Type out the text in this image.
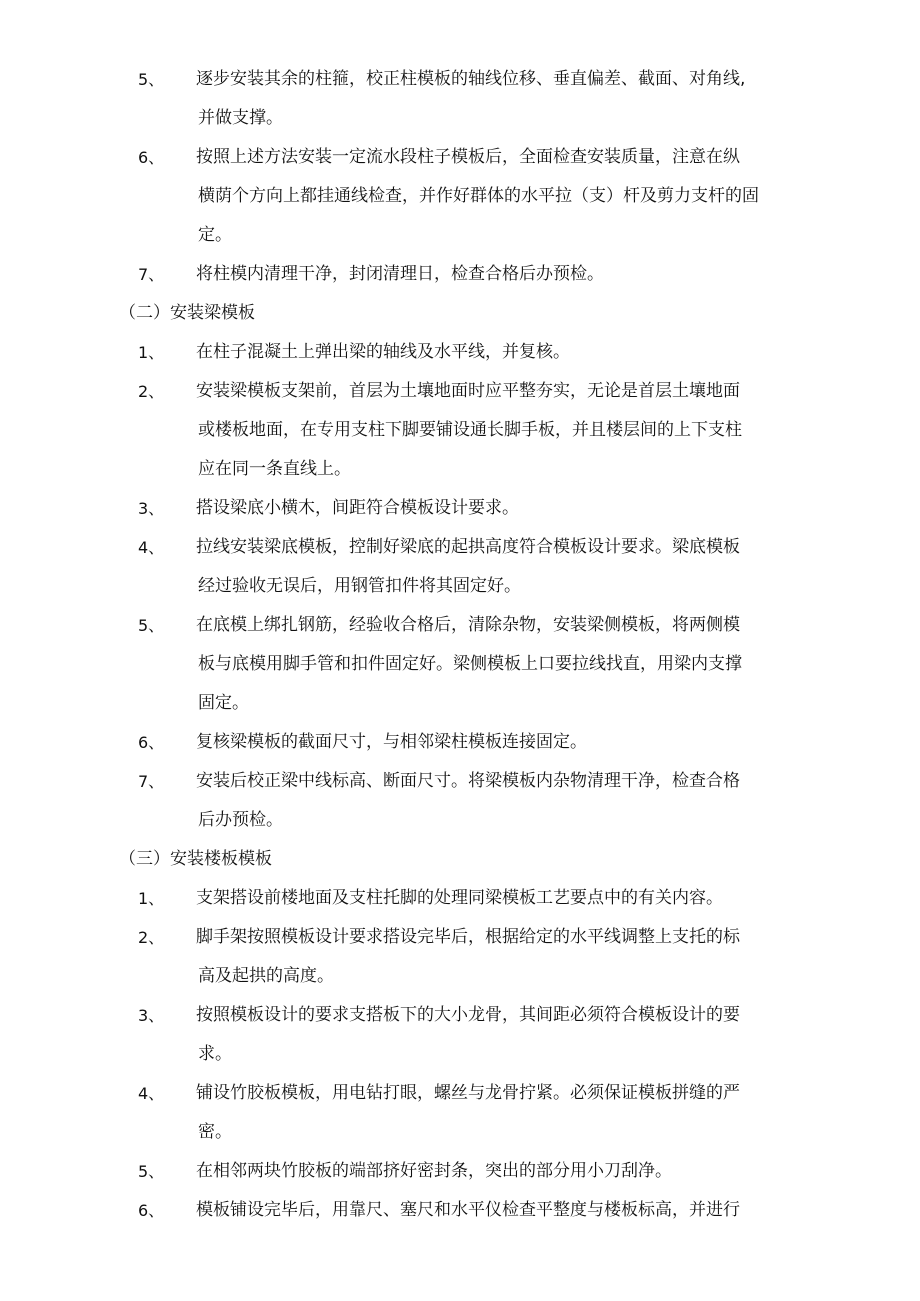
5、 逐步安装其余的柱箍，校正柱模板的轴线位移、垂直偏差、截面、对角线,
并做支撑。
6、 按照上述方法安装一定流水段柱子模板后，全面检查安装质量，注意在纵
横荫个方向上都挂通线检查，并作好群体的水平拉（支）杆及剪力支杆的固
定。
7、 将柱模内清理干净，封闭清理日，检查合格后办预检。

（二）安装梁模板

1、 在柱子混凝土上弹出梁的轴线及水平线，并复核。
2、 安装梁模板支架前，首层为土壤地面时应平整夯实，无论是首层土壤地面
或楼板地面，在专用支柱下脚要铺设通长脚手板，并且楼层间的上下支柱
应在同一条直线上。
3、 搭设梁底小横木，间距符合模板设计要求。
4、 拉线安装梁底模板，控制好梁底的起拱高度符合模板设计要求。梁底模板
经过验收无误后，用钢管扣件将其固定好。
5、 在底模上绑扎钢筋，经验收合格后，清除杂物，安装梁侧模板，将两侧模
板与底模用脚手管和扣件固定好。梁侧模板上口要拉线找直，用梁内支撑
固定。
6、 复核梁模板的截面尺寸，与相邻梁柱模板连接固定。
7、 安装后校正梁中线标高、断面尺寸。将梁模板内杂物清理干净，检查合格
后办预检。

（三）安装楼板模板

1、 支架搭设前楼地面及支柱托脚的处理同梁模板工艺要点中的有关内容。
2、 脚手架按照模板设计要求搭设完毕后，根据给定的水平线调整上支托的标
高及起拱的高度。
3、 按照模板设计的要求支搭板下的大小龙骨，其间距必须符合模板设计的要
求。
4、 铺设竹胶板模板，用电钻打眼，螺丝与龙骨拧紧。必须保证模板拼缝的严
密。
5、 在相邻两块竹胶板的端部挤好密封条，突出的部分用小刀刮净。
6、 模板铺设完毕后，用靠尺、塞尺和水平仪检查平整度与楼板标高，并进行
